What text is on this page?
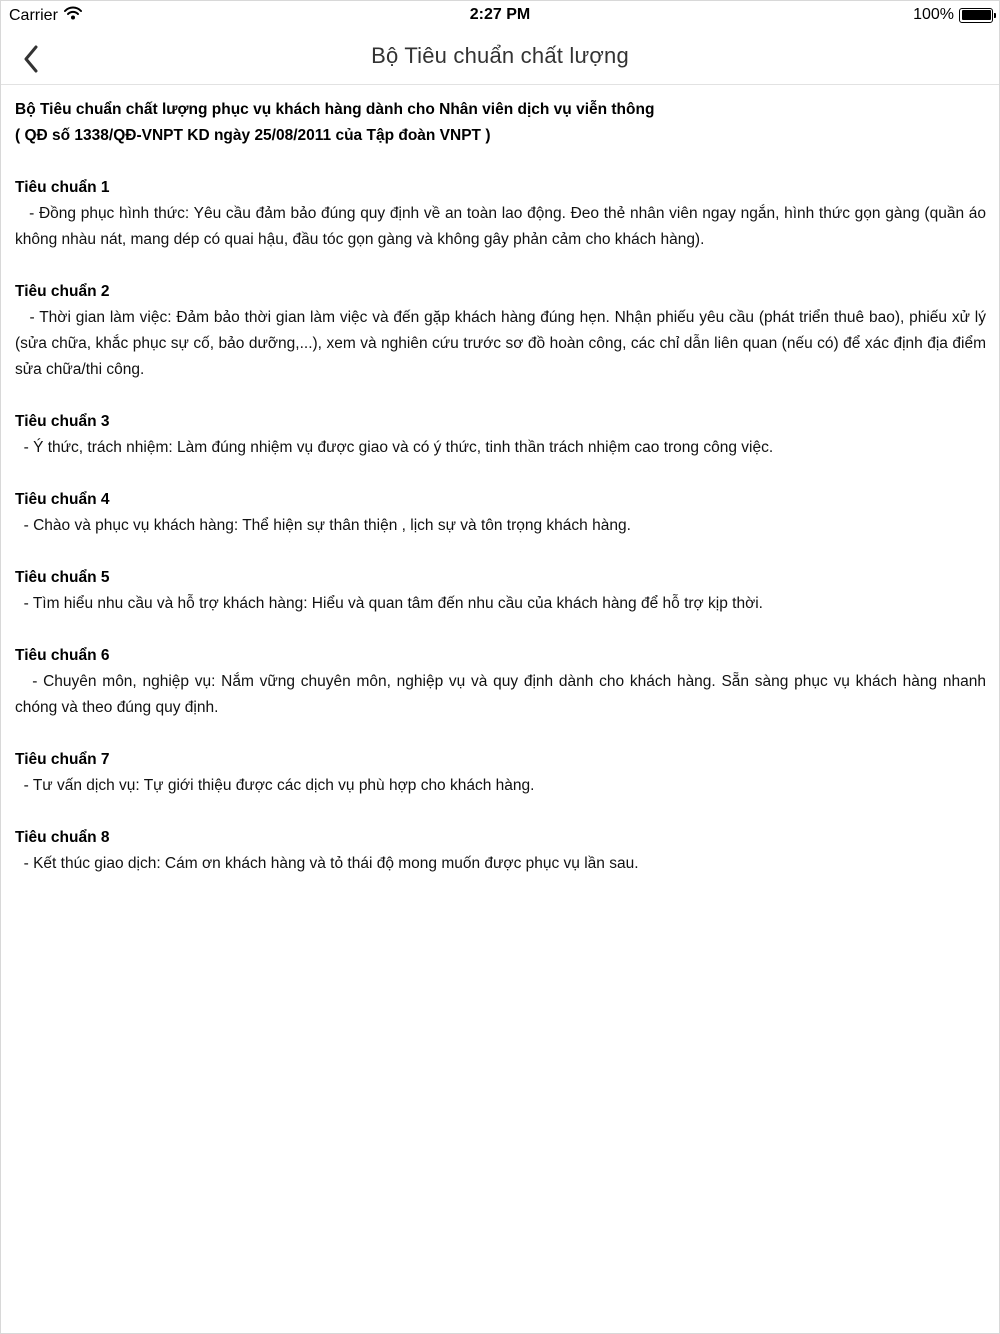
Carrier	2:27 PM	100%
Bộ Tiêu chuẩn chất lượng
Bộ Tiêu chuẩn chất lượng phục vụ khách hàng dành cho Nhân viên dịch vụ viễn thông
( QĐ số 1338/QĐ-VNPT KD ngày 25/08/2011 của Tập đoàn VNPT )
Tiêu chuẩn 1
- Đồng phục hình thức: Yêu cầu đảm bảo đúng quy định về an toàn lao động. Đeo thẻ nhân viên ngay ngắn, hình thức gọn gàng (quần áo không nhàu nát, mang dép có quai hậu, đầu tóc gọn gàng và không gây phản cảm cho khách hàng).
Tiêu chuẩn 2
- Thời gian làm việc: Đảm bảo thời gian làm việc và đến gặp khách hàng đúng hẹn. Nhận phiếu yêu cầu (phát triển thuê bao), phiếu xử lý (sửa chữa, khắc phục sự cố, bảo dưỡng,...), xem và nghiên cứu trước sơ đồ hoàn công, các chỉ dẫn liên quan (nếu có) để xác định địa điểm sửa chữa/thi công.
Tiêu chuẩn 3
- Ý thức, trách nhiệm: Làm đúng nhiệm vụ được giao và có ý thức, tinh thần trách nhiệm cao trong công việc.
Tiêu chuẩn 4
- Chào và phục vụ khách hàng: Thể hiện sự thân thiện , lịch sự và tôn trọng khách hàng.
Tiêu chuẩn 5
- Tìm hiểu nhu cầu và hỗ trợ khách hàng: Hiểu và quan tâm đến nhu cầu của khách hàng để hỗ trợ kịp thời.
Tiêu chuẩn 6
- Chuyên môn, nghiệp vụ: Nắm vững chuyên môn, nghiệp vụ và quy định dành cho khách hàng. Sẵn sàng phục vụ khách hàng nhanh chóng và theo đúng quy định.
Tiêu chuẩn 7
- Tư vấn dịch vụ: Tự giới thiệu được các dịch vụ phù hợp cho khách hàng.
Tiêu chuẩn 8
- Kết thúc giao dịch: Cám ơn khách hàng và tỏ thái độ mong muốn được phục vụ lần sau.
